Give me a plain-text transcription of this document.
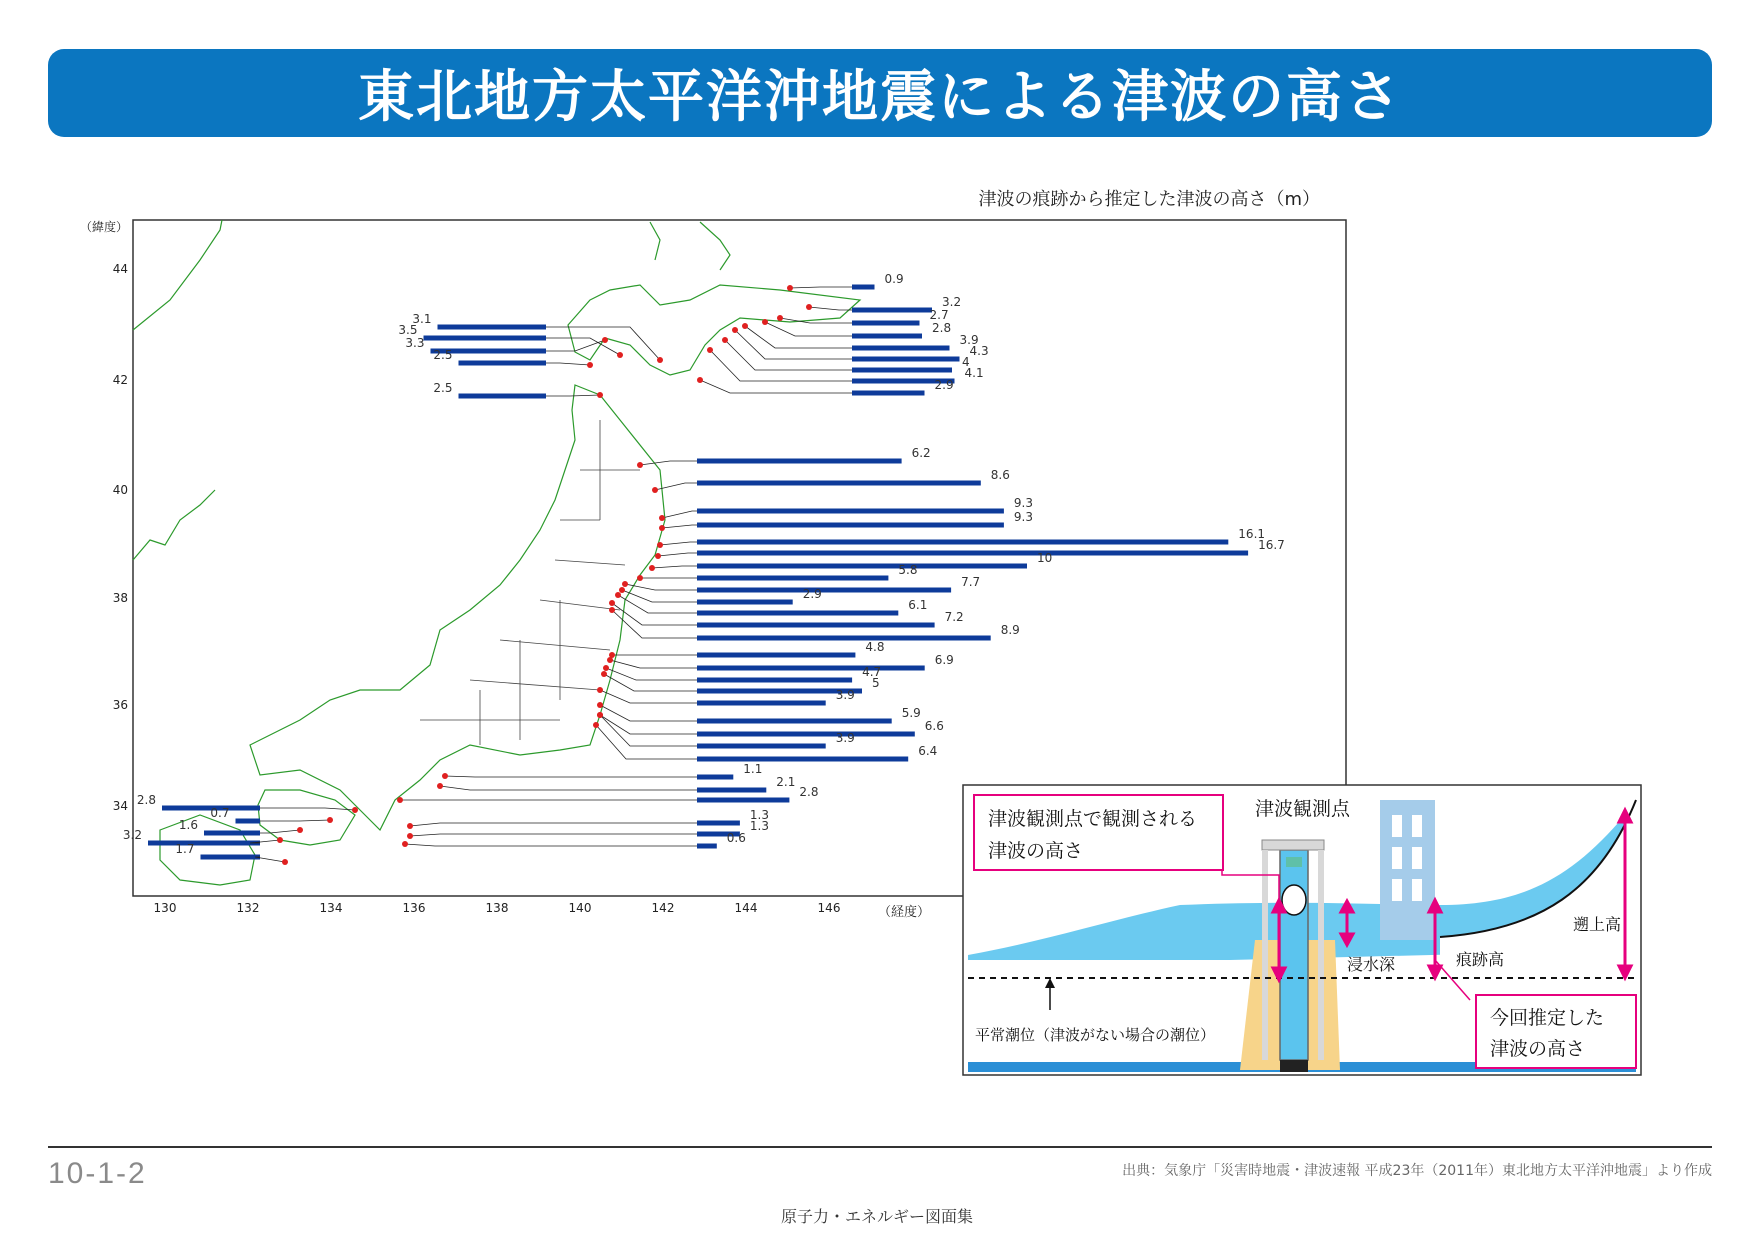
東北地方太平洋沖地震による津波の高さ
津波の痕跡から推定した津波の高さ（m）
（緯度）
（経度）
0.9
3.2
2.7
2.8
3.9
4.3
4
4.1
2.9
3.1
3.5
3.3
2.5
2.5
6.2
8.6
9.3
9.3
16.1
16.7
10
5.8
7.7
2.9
6.1
7.2
8.9
4.8
6.9
4.7
5
3.9
5.9
6.6
3.9
6.4
1.1
2.1
2.8
1.3
1.3
0.6
2.8
0.7
1.6
3.2
1.7
44
42
40
38
36
34
130	132	134	136	138	140	142	144	146
津波観測点で観測される
津波の高さ
今回推定した
津波の高さ
津波観測点
浸水深	痕跡高
遡上高
平常潮位（津波がない場合の潮位）
10-1-2	出典：気象庁「災害時地震・津波速報 平成23年（2011年）東北地方太平洋沖地震」より作成
原子力・エネルギー図面集
